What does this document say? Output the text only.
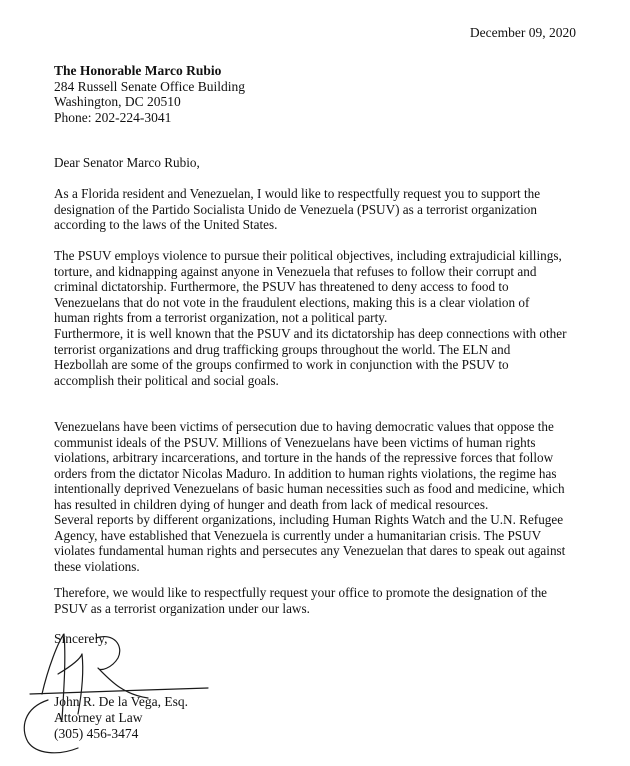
December 09, 2020
The Honorable Marco Rubio
284 Russell Senate Office Building
Washington, DC 20510
Phone: 202-224-3041
Dear Senator Marco Rubio,
As a Florida resident and Venezuelan, I would like to respectfully request you to support the
designation of the Partido Socialista Unido de Venezuela (PSUV) as a terrorist organization
according to the laws of the United States.
The PSUV employs violence to pursue their political objectives, including extrajudicial killings,
torture, and kidnapping against anyone in Venezuela that refuses to follow their corrupt and
criminal dictatorship. Furthermore, the PSUV has threatened to deny access to food to
Venezuelans that do not vote in the fraudulent elections, making this is a clear violation of
human rights from a terrorist organization, not a political party.
Furthermore, it is well known that the PSUV and its dictatorship has deep connections with other
terrorist organizations and drug trafficking groups throughout the world. The ELN and
Hezbollah are some of the groups confirmed to work in conjunction with the PSUV to
accomplish their political and social goals.
Venezuelans have been victims of persecution due to having democratic values that oppose the
communist ideals of the PSUV. Millions of Venezuelans have been victims of human rights
violations, arbitrary incarcerations, and torture in the hands of the repressive forces that follow
orders from the dictator Nicolas Maduro. In addition to human rights violations, the regime has
intentionally deprived Venezuelans of basic human necessities such as food and medicine, which
has resulted in children dying of hunger and death from lack of medical resources.
Several reports by different organizations, including Human Rights Watch and the U.N. Refugee
Agency, have established that Venezuela is currently under a humanitarian crisis. The PSUV
violates fundamental human rights and persecutes any Venezuelan that dares to speak out against
these violations.
Therefore, we would like to respectfully request your office to promote the designation of the
PSUV as a terrorist organization under our laws.
Sincerely,
John R. De la Vega, Esq.
Attorney at Law
(305) 456-3474
